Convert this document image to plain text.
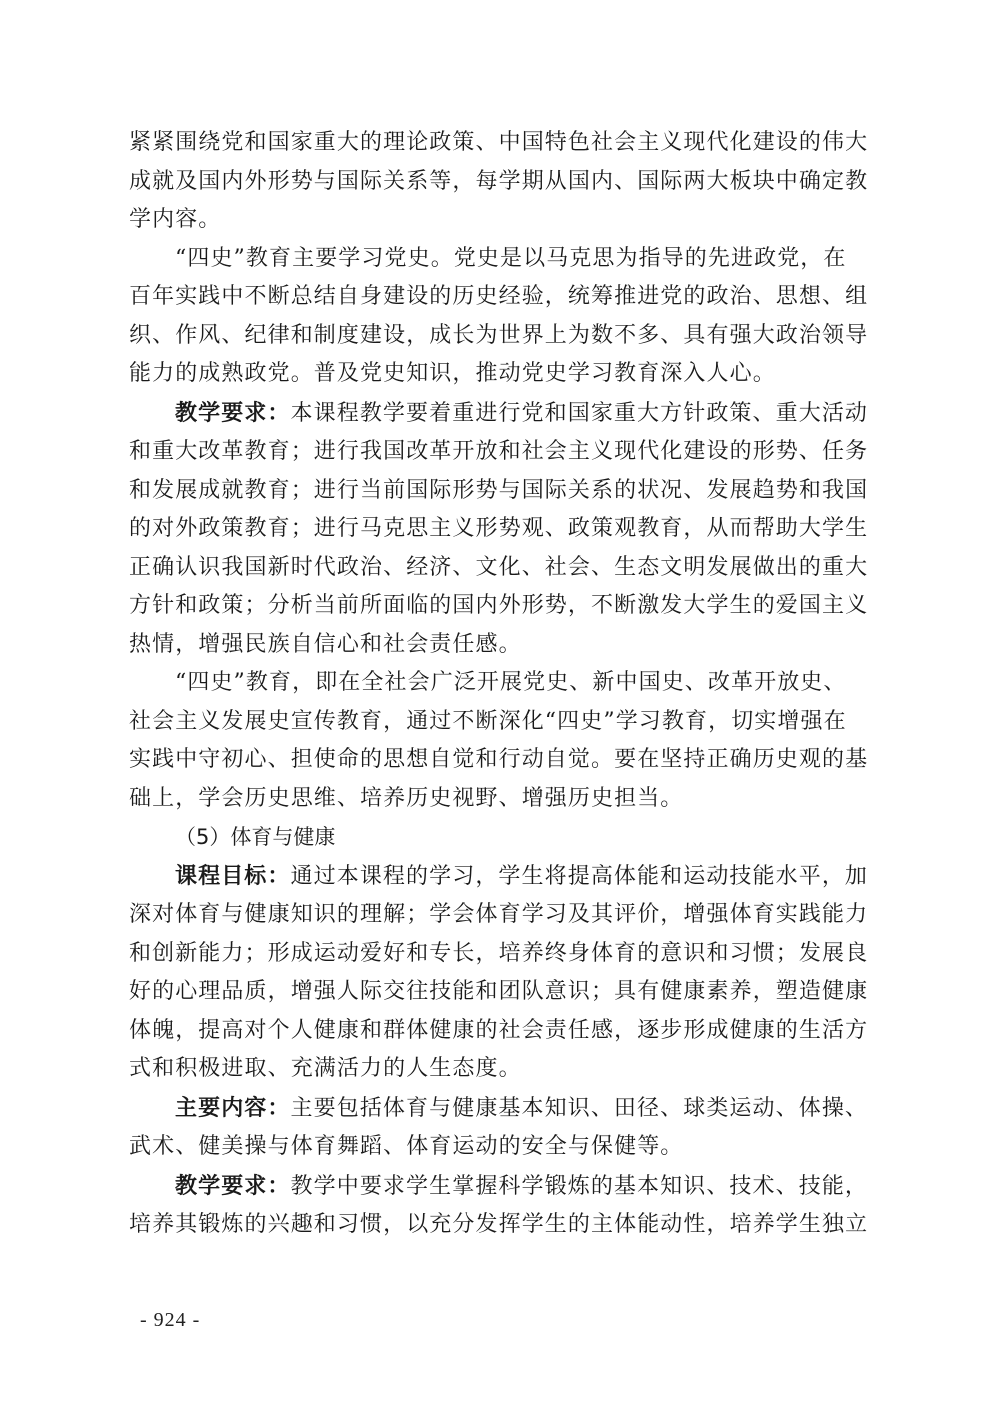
紧紧围绕党和国家重大的理论政策、中国特色社会主义现代化建设的伟大
成就及国内外形势与国际关系等，每学期从国内、国际两大板块中确定教
学内容。
“四史”教育主要学习党史。党史是以马克思为指导的先进政党，在
百年实践中不断总结自身建设的历史经验，统筹推进党的政治、思想、组
织、作风、纪律和制度建设，成长为世界上为数不多、具有强大政治领导
能力的成熟政党。普及党史知识，推动党史学习教育深入人心。
教学要求：本课程教学要着重进行党和国家重大方针政策、重大活动
和重大改革教育；进行我国改革开放和社会主义现代化建设的形势、任务
和发展成就教育；进行当前国际形势与国际关系的状况、发展趋势和我国
的对外政策教育；进行马克思主义形势观、政策观教育，从而帮助大学生
正确认识我国新时代政治、经济、文化、社会、生态文明发展做出的重大
方针和政策；分析当前所面临的国内外形势，不断激发大学生的爱国主义
热情，增强民族自信心和社会责任感。
“四史”教育，即在全社会广泛开展党史、新中国史、改革开放史、
社会主义发展史宣传教育，通过不断深化“四史”学习教育，切实增强在
实践中守初心、担使命的思想自觉和行动自觉。要在坚持正确历史观的基
础上，学会历史思维、培养历史视野、增强历史担当。
（5）体育与健康
课程目标：通过本课程的学习，学生将提高体能和运动技能水平，加
深对体育与健康知识的理解；学会体育学习及其评价，增强体育实践能力
和创新能力；形成运动爱好和专长，培养终身体育的意识和习惯；发展良
好的心理品质，增强人际交往技能和团队意识；具有健康素养，塑造健康
体魄，提高对个人健康和群体健康的社会责任感，逐步形成健康的生活方
式和积极进取、充满活力的人生态度。
主要内容：主要包括体育与健康基本知识、田径、球类运动、体操、
武术、健美操与体育舞蹈、体育运动的安全与保健等。
教学要求：教学中要求学生掌握科学锻炼的基本知识、技术、技能，
培养其锻炼的兴趣和习惯，以充分发挥学生的主体能动性，培养学生独立
- 924 -
